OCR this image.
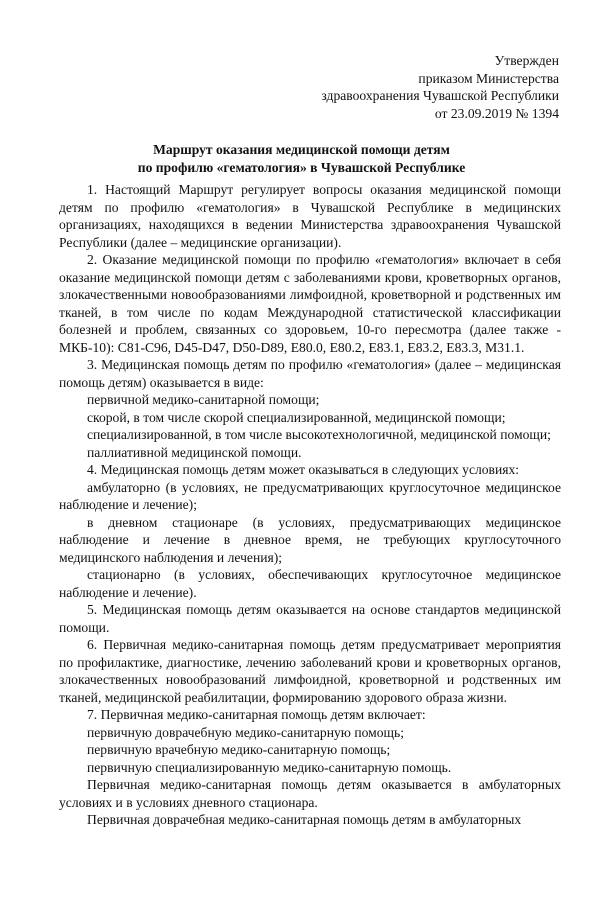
Утвержден
приказом Министерства
здравоохранения Чувашской Республики
от 23.09.2019 № 1394
Маршрут оказания медицинской помощи детям
по профилю «гематология» в Чувашской Республике

1. Настоящий Маршрут регулирует вопросы оказания медицинской помощи детям по профилю «гематология» в Чувашской Республике в медицинских организациях, находящихся в ведении Министерства здравоохранения Чувашской Республики (далее – медицинские организации).

2. Оказание медицинской помощи по профилю «гематология» включает в себя оказание медицинской помощи детям с заболеваниями крови, кроветворных органов, злокачественными новообразованиями лимфоидной, кроветворной и родственных им тканей, в том числе по кодам Международной статистической классификации болезней и проблем, связанных со здоровьем, 10-го пересмотра (далее также - МКБ-10): С81-С96, D45-D47, D50-D89, Е80.0, Е80.2, Е83.1, Е83.2, Е83.3, М31.1.

3. Медицинская помощь детям по профилю «гематология» (далее – медицинская помощь детям) оказывается в виде:

первичной медико-санитарной помощи;

скорой, в том числе скорой специализированной, медицинской помощи;

специализированной, в том числе высокотехнологичной, медицинской помощи;

паллиативной медицинской помощи.

4. Медицинская помощь детям может оказываться в следующих условиях:

амбулаторно (в условиях, не предусматривающих круглосуточное медицинское наблюдение и лечение);

в дневном стационаре (в условиях, предусматривающих медицинское наблюдение и лечение в дневное время, не требующих круглосуточного медицинского наблюдения и лечения);

стационарно (в условиях, обеспечивающих круглосуточное медицинское наблюдение и лечение).

5. Медицинская помощь детям оказывается на основе стандартов медицинской помощи.

6. Первичная медико-санитарная помощь детям предусматривает мероприятия по профилактике, диагностике, лечению заболеваний крови и кроветворных органов, злокачественных новообразований лимфоидной, кроветворной и родственных им тканей, медицинской реабилитации, формированию здорового образа жизни.

7. Первичная медико-санитарная помощь детям включает:

первичную доврачебную медико-санитарную помощь;

первичную врачебную медико-санитарную помощь;

первичную специализированную медико-санитарную помощь.

Первичная медико-санитарная помощь детям оказывается в амбулаторных условиях и в условиях дневного стационара.

Первичная доврачебная медико-санитарная помощь детям в амбулаторных
